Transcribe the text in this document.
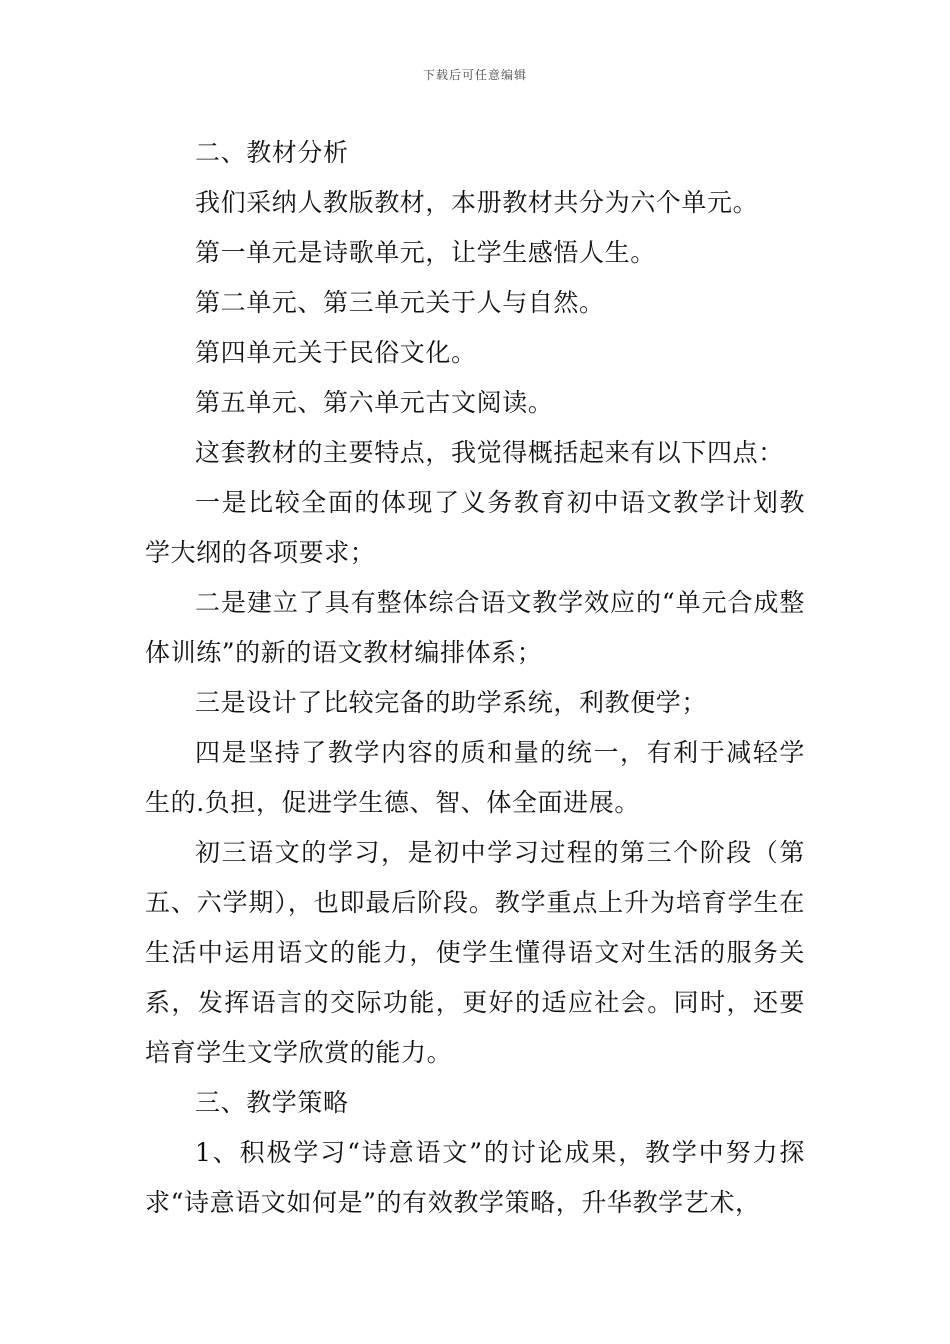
下载后可任意编辑

二、教材分析

我们采纳人教版教材，本册教材共分为六个单元。

第一单元是诗歌单元，让学生感悟人生。

第二单元、第三单元关于人与自然。

第四单元关于民俗文化。

第五单元、第六单元古文阅读。

这套教材的主要特点，我觉得概括起来有以下四点：

一是比较全面的体现了义务教育初中语文教学计划教学大纲的各项要求；

二是建立了具有整体综合语文教学效应的“单元合成整体训练”的新的语文教材编排体系；

三是设计了比较完备的助学系统，利教便学；

四是坚持了教学内容的质和量的统一，有利于减轻学生的.负担，促进学生德、智、体全面进展。

初三语文的学习，是初中学习过程的第三个阶段（第五、六学期），也即最后阶段。教学重点上升为培育学生在生活中运用语文的能力，使学生懂得语文对生活的服务关系，发挥语言的交际功能，更好的适应社会。同时，还要培育学生文学欣赏的能力。

三、教学策略

1、积极学习“诗意语文”的讨论成果，教学中努力探求“诗意语文如何是”的有效教学策略，升华教学艺术，
